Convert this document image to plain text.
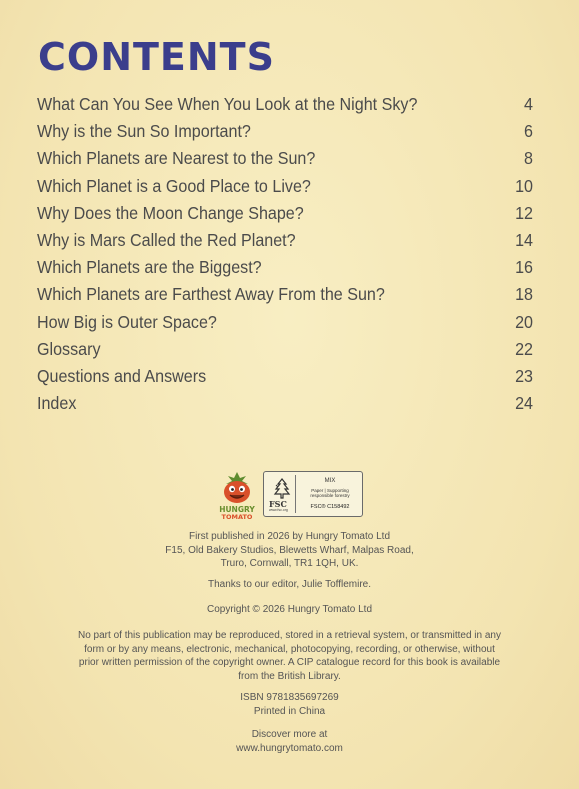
CONTENTS
What Can You See When You Look at the Night Sky?	4
Why is the Sun So Important?	6
Which Planets are Nearest to the Sun?	8
Which Planet is a Good Place to Live?	10
Why Does the Moon Change Shape?	12
Why is Mars Called the Red Planet?	14
Which Planets are the Biggest?	16
Which Planets are Farthest Away From the Sun?	18
How Big is Outer Space?	20
Glossary	22
Questions and Answers	23
Index	24
HUNGRY
TOMATO
FSC
www.fsc.org
MIX
Paper | Supporting
responsible forestry
FSC® C158492
First published in 2026 by Hungry Tomato Ltd
F15, Old Bakery Studios, Blewetts Wharf, Malpas Road,
Truro, Cornwall, TR1 1QH, UK.
Thanks to our editor, Julie Tofflemire.
Copyright © 2026 Hungry Tomato Ltd
No part of this publication may be reproduced, stored in a retrieval system, or transmitted in any
form or by any means, electronic, mechanical, photocopying, recording, or otherwise, without
prior written permission of the copyright owner. A CIP catalogue record for this book is available
from the British Library.
ISBN 9781835697269
Printed in China
Discover more at
www.hungrytomato.com
